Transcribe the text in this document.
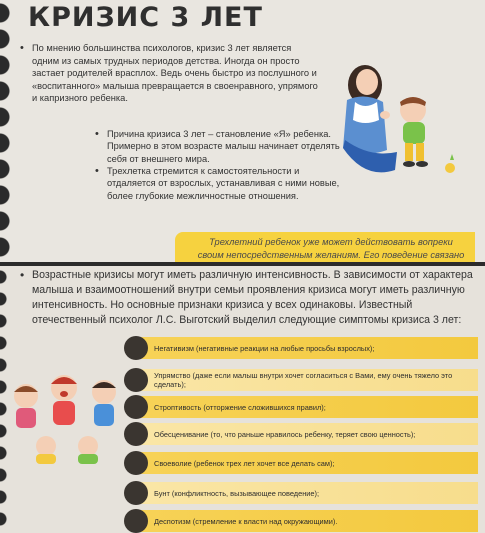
КРИЗИС 3 ЛЕТ
• По мнению большинства психологов, кризис 3 лет является одним из самых трудных периодов детства. Иногда он просто застает родителей врасплох. Ведь очень быстро из послушного и «воспитанного» малыша превращается в своенравного, упрямого и капризного ребенка.
• Причина кризиса 3 лет – становление «Я» ребенка. Примерно в этом возрасте малыш начинает отделять себя от внешнего мира.
• Трехлетка стремится к самостоятельности и отдаляется от взрослых, устанавливая с ними новые, более глубокие межличностные отношения.
Трехлетний ребенок уже может действовать вопреки своим непосредственным желаниям. Его поведение связано
• Возрастные кризисы могут иметь различную интенсивность. В зависимости от характера малыша и взаимоотношений внутри семьи проявления кризиса могут иметь различную интенсивность. Но основные признаки кризиса у всех одинаковы. Известный отечественный психолог Л.С. Выготский выделил следующие симптомы кризиса 3 лет:
Негативизм (негативные реакции на любые просьбы взрослых);
Упрямство (даже если малыш внутри хочет согласиться с Вами, ему очень тяжело это сделать);
Строптивость (отторжение сложившихся правил);
Обесценивание (то, что раньше нравилось ребенку, теряет свою ценность);
Своеволие (ребенок трех лет хочет все делать сам);
Бунт (конфликтность, вызывающее поведение);
Деспотизм (стремление к власти над окружающими).
